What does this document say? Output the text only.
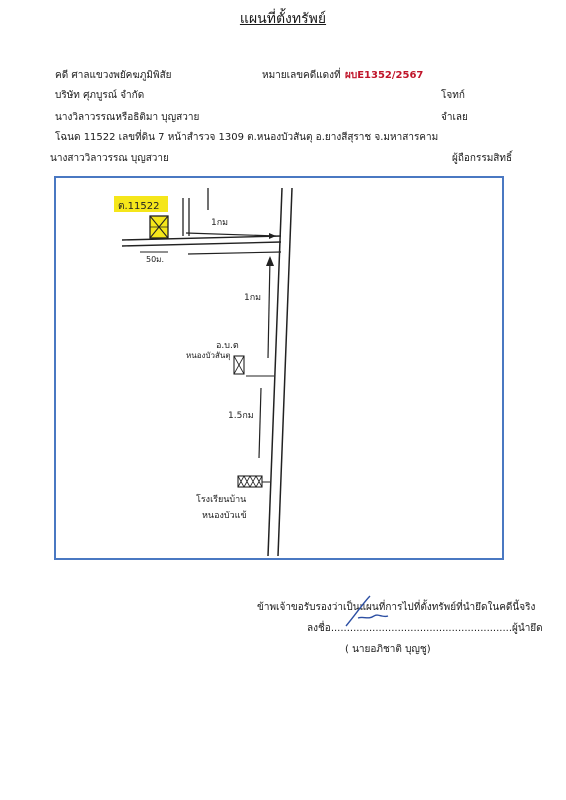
แผนที่ตั้งทรัพย์
คดี ศาลแขวงพยัคฆภูมิพิสัย	หมายเลขคดีแดงที่ ผบE1352/2567
บริษัท ศุภบูรณ์ จำกัด	โจทก์
นางวิลาวรรณหรือธิติมา บุญสวาย	จำเลย
โฉนด 11522 เลขที่ดิน 7 หน้าสำรวจ 1309 ต.หนองบัวสันตุ อ.ยางสีสุราช จ.มหาสารคาม
นางสาววิลาวรรณ บุญสวาย	ผู้ถือกรรมสิทธิ์
ต.11522
1กม
50ม.
1กม
อ.บ.ต
หนองบัวสันตุ
1.5กม
โรงเรียนบ้าน
หนองบัวแข้
ข้าพเจ้าขอรับรองว่าเป็นแผนที่การไปที่ตั้งทรัพย์ที่นำยึดในคดีนี้จริง
ลงชื่อ.........................................................ผู้นำยึด
( นายอภิชาติ บุญชู)
